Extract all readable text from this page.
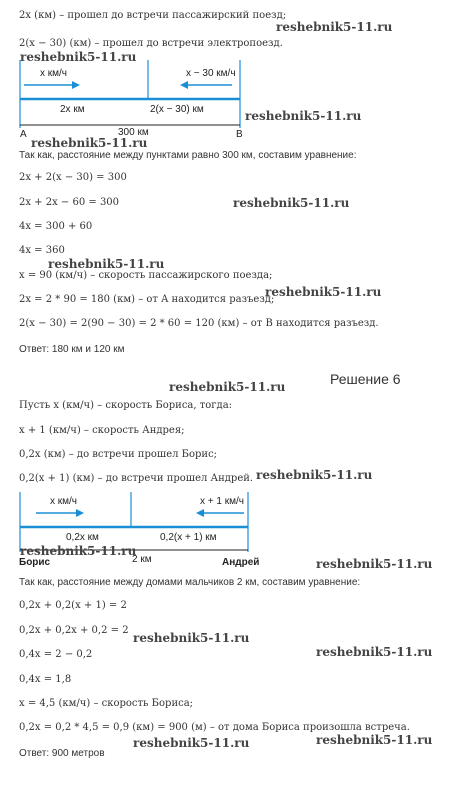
2x (км) – прошел до встречи пассажирский поезд;
reshebnik5-11.ru
2(x − 30) (км) – прошел до встречи электропоезд.
reshebnik5-11.ru
x км/ч	x − 30 км/ч
2x км	2(x − 30) км
A	300 км	B
reshebnik5-11.ru
reshebnik5-11.ru
Так как, расстояние между пунктами равно 300 км, составим уравнение:
2x + 2(x − 30) = 300
2x + 2x − 60 = 300	reshebnik5-11.ru
4x = 300 + 60
4x = 360
reshebnik5-11.ru
x = 90 (км/ч) – скорость пассажирского поезда;
reshebnik5-11.ru
2x = 2 * 90 = 180 (км) – от A находится разъезд;
2(x − 30) = 2(90 − 30) = 2 * 60 = 120 (км) – от B находится разъезд.
Ответ: 180 км и 120 км
Решение 6
reshebnik5-11.ru
Пусть x (км/ч) – скорость Бориса, тогда:
x + 1 (км/ч) – скорость Андрея;
0,2x (км) – до встречи прошел Борис;
reshebnik5-11.ru
0,2(x + 1) (км) – до встречи прошел Андрей.
x км/ч	x + 1 км/ч
0,2x км	0,2(x + 1) км
Борис	2 км	Андрей
reshebnik5-11.ru
reshebnik5-11.ru
Так как, расстояние между домами мальчиков 2 км, составим уравнение:
0,2x + 0,2(x + 1) = 2
0,2x + 0,2x + 0,2 = 2
reshebnik5-11.ru
reshebnik5-11.ru
0,4x = 2 − 0,2
0,4x = 1,8
x = 4,5 (км/ч) – скорость Бориса;
0,2x = 0,2 * 4,5 = 0,9 (км) = 900 (м) – от дома Бориса произошла встреча.
reshebnik5-11.ru	reshebnik5-11.ru
Ответ: 900 метров
